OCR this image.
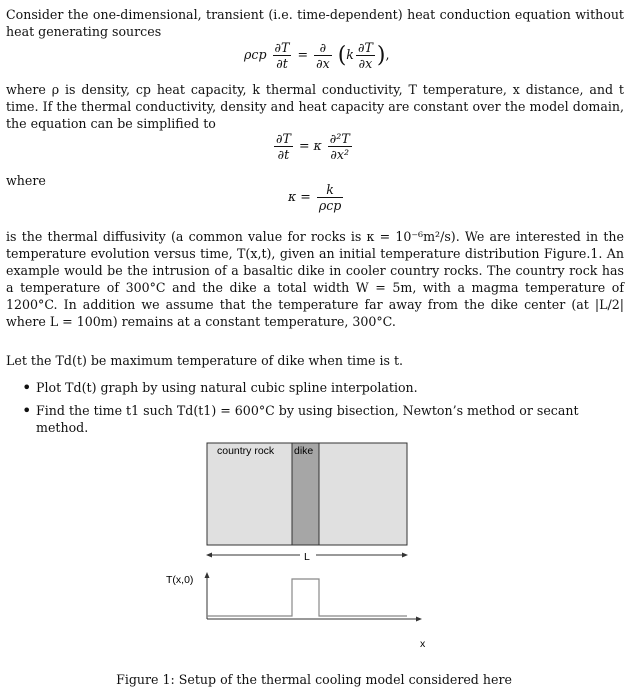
Consider the one-dimensional, transient (i.e. time-dependent) heat conduction equation without heat generating sources
ρcp $\frac{\partial T}{\partial t} = \frac{\partial}{\partial x} (k \frac{\partial T}{\partial x}$ ),
where ρ is density, cp heat capacity, k thermal conductivity, T temperature, x distance, and t time. If the thermal conductivity, density and heat capacity are constant over the model domain, the equation can be simplified to
$\frac{\partial T}{\partial t} = \kappa \frac{\text{∂²T}}{\text{∂x²}}$
where
$\kappa = \frac{k}{\text{ρcp}}$
is the thermal diffusivity (a common value for rocks is κ = 10⁻⁶m²/s). We are interested in the temperature evolution versus time, T(x,t), given an initial temperature distribution Figure.1. An example would be the intrusion of a basaltic dike in cooler country rocks. The country rock has a temperature of 300°C and the dike a total width W = 5m, with a magma temperature of 1200°C. In addition we assume that the temperature far away from the dike center (at |L/2| where L = 100m) remains at a constant temperature, 300°C.
Let the Td(t) be maximum temperature of dike when time is t.
• Plot Td(t) graph by using natural cubic spline interpolation.
• Find the time t1 such Td(t1) = 600°C by using bisection, Newton’s method or secant method.
country rock dike
L
T(x,0)
x
Figure 1: Setup of the thermal cooling model considered here
